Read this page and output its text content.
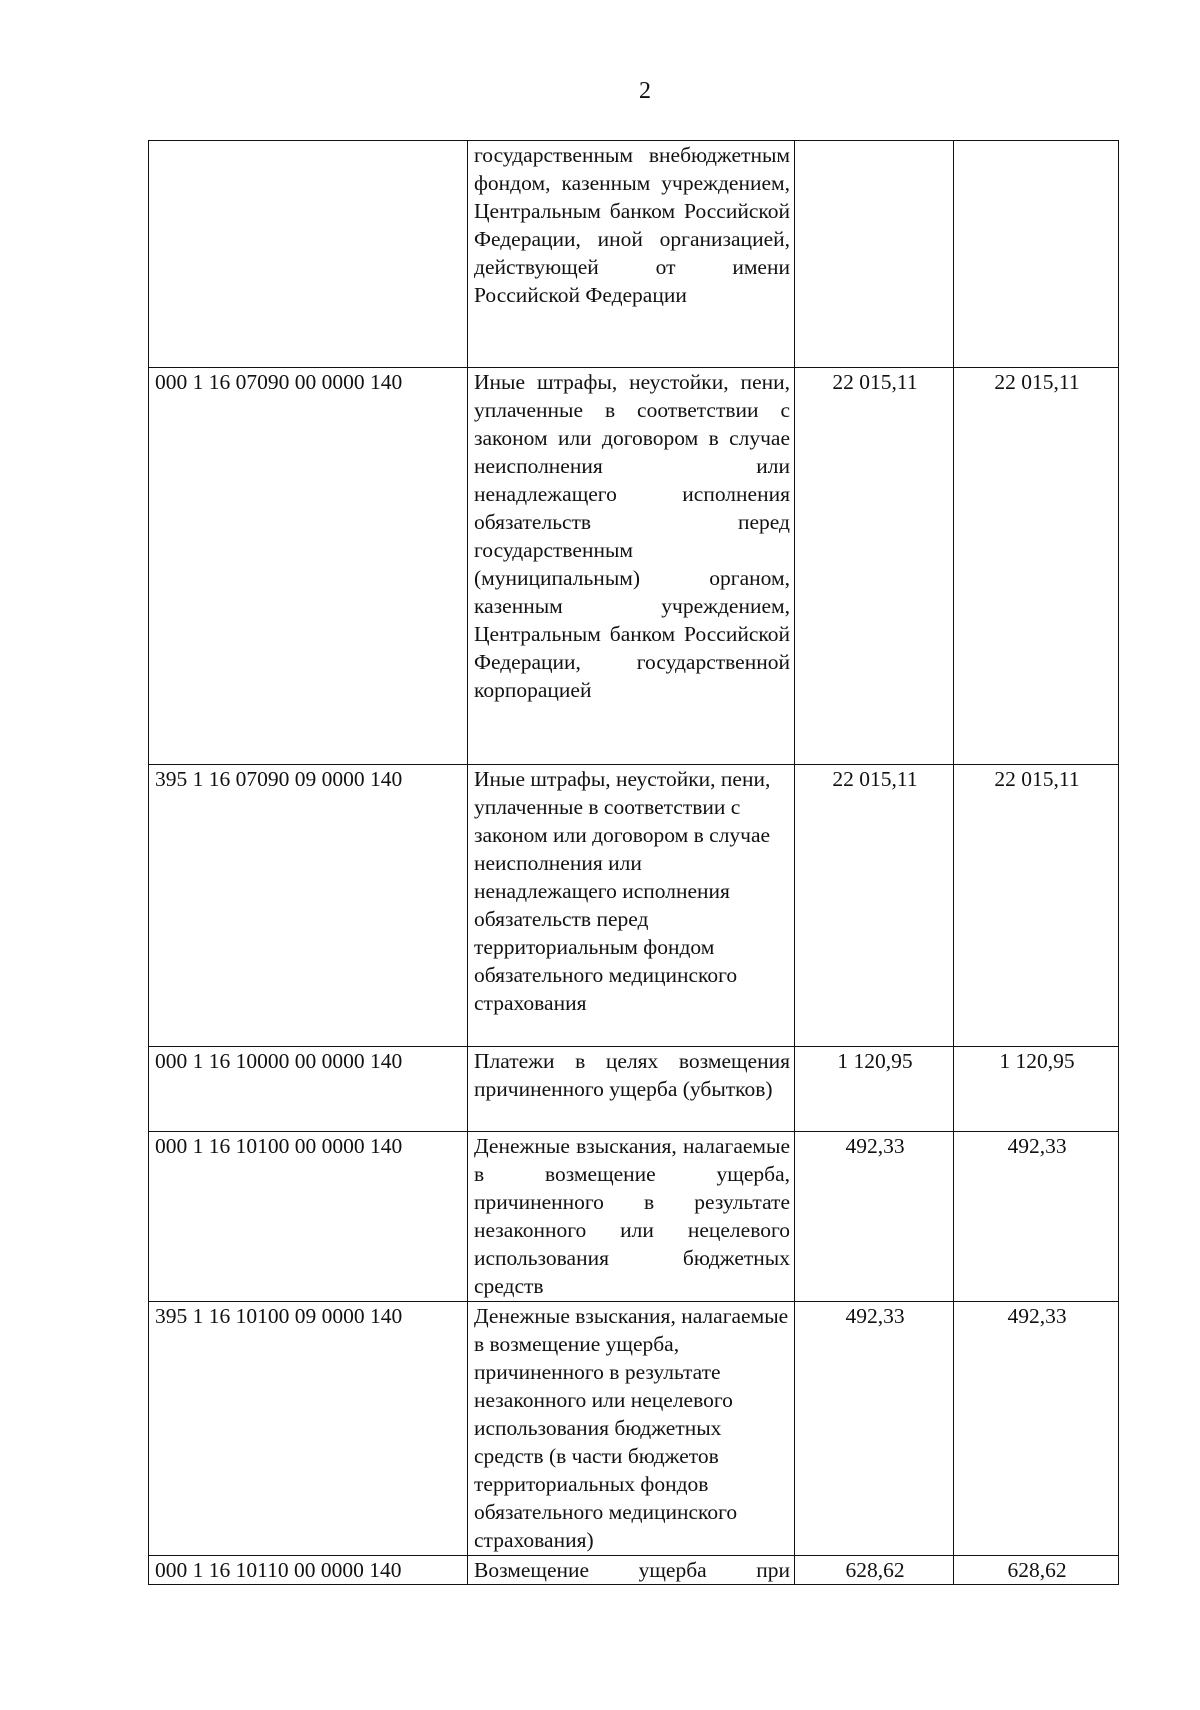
2
	государственным внебюджетным фондом, казенным учреждением, Центральным банком Российской Федерации, иной организацией, действующей от имени Российской Федерации		
000 1 16 07090 00 0000 140	Иные штрафы, неустойки, пени, уплаченные в соответствии с законом или договором в случае неисполнения или ненадлежащего исполнения обязательств перед государственным (муниципальным) органом, казенным учреждением, Центральным банком Российской Федерации, государственной корпорацией	22 015,11	22 015,11
395 1 16 07090 09 0000 140	Иные штрафы, неустойки, пени, уплаченные в соответствии с законом или договором в случае неисполнения или ненадлежащего исполнения обязательств перед территориальным фондом обязательного медицинского страхования	22 015,11	22 015,11
000 1 16 10000 00 0000 140	Платежи в целях возмещения причиненного ущерба (убытков)	1 120,95	1 120,95
000 1 16 10100 00 0000 140	Денежные взыскания, налагаемые в возмещение ущерба, причиненного в результате незаконного или нецелевого использования бюджетных средств	492,33	492,33
395 1 16 10100 09 0000 140	Денежные взыскания, налагаемые в возмещение ущерба, причиненного в результате незаконного или нецелевого использования бюджетных средств (в части бюджетов территориальных фондов обязательного медицинского страхования)	492,33	492,33
000 1 16 10110 00 0000 140	Возмещение ущерба при	628,62	628,62
